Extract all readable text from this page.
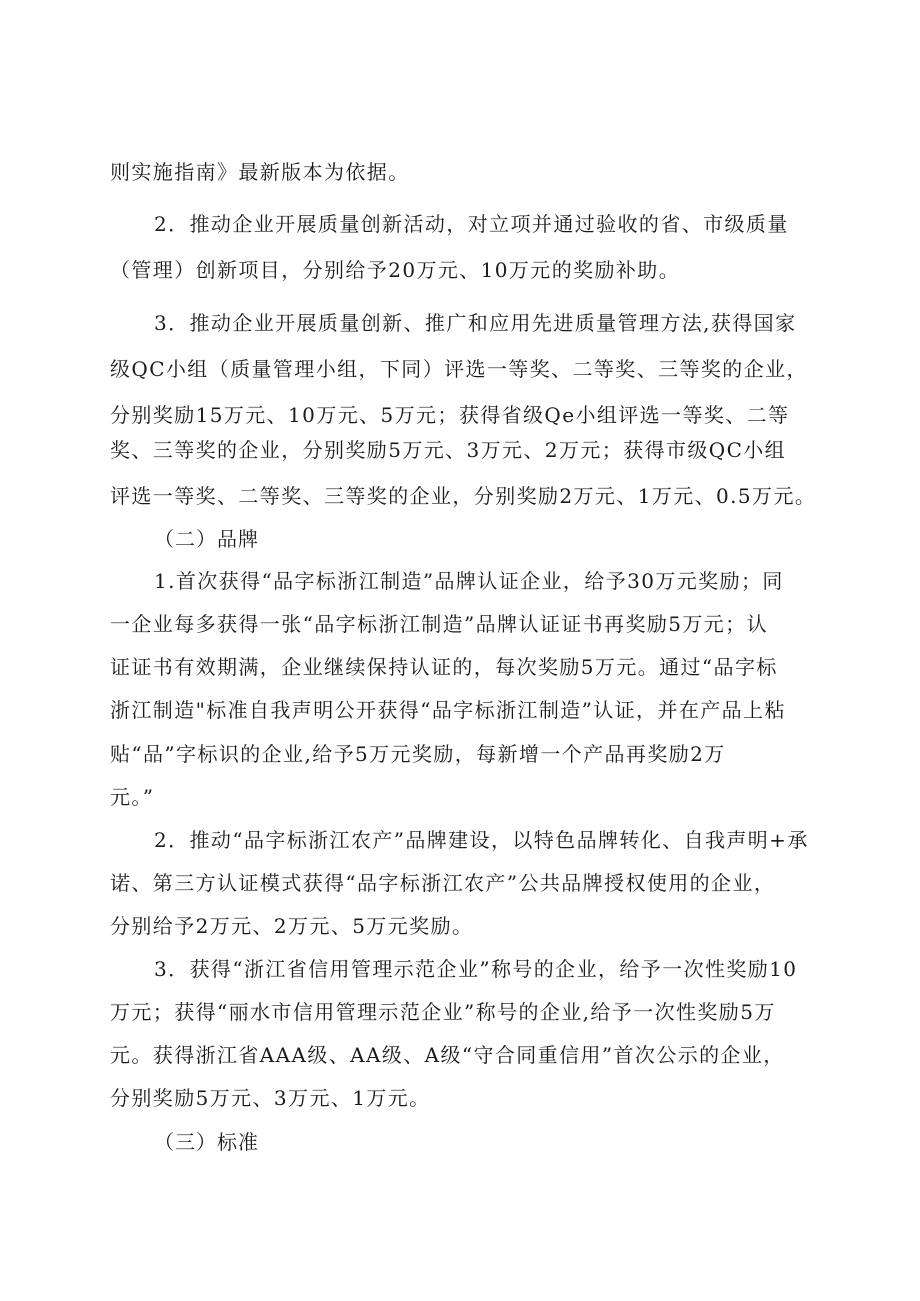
则实施指南》最新版本为依据。
2．推动企业开展质量创新活动，对立项并通过验收的省、市级质量
（管理）创新项目，分别给予20万元、10万元的奖励补助。
3．推动企业开展质量创新、推广和应用先进质量管理方法,获得国家
级QC小组（质量管理小组，下同）评选一等奖、二等奖、三等奖的企业，
分别奖励15万元、10万元、5万元；获得省级Qe小组评选一等奖、二等
奖、三等奖的企业，分别奖励5万元、3万元、2万元；获得市级QC小组
评选一等奖、二等奖、三等奖的企业，分别奖励2万元、1万元、0.5万元。
（二）品牌
1.首次获得“品字标浙江制造”品牌认证企业，给予30万元奖励；同
一企业每多获得一张“品字标浙江制造”品牌认证证书再奖励5万元；认
证证书有效期满，企业继续保持认证的，每次奖励5万元。通过“品字标
浙江制造"标准自我声明公开获得“品字标浙江制造”认证，并在产品上粘
贴“品”字标识的企业,给予5万元奖励，每新增一个产品再奖励2万
元。”
2．推动“品字标浙江农产”品牌建设，以特色品牌转化、自我声明+承
诺、第三方认证模式获得“品字标浙江农产”公共品牌授权使用的企业，
分别给予2万元、2万元、5万元奖励。
3．获得“浙江省信用管理示范企业”称号的企业，给予一次性奖励10
万元；获得“丽水市信用管理示范企业”称号的企业,给予一次性奖励5万
元。获得浙江省AAA级、AA级、A级“守合同重信用”首次公示的企业，
分别奖励5万元、3万元、1万元。
（三）标准
